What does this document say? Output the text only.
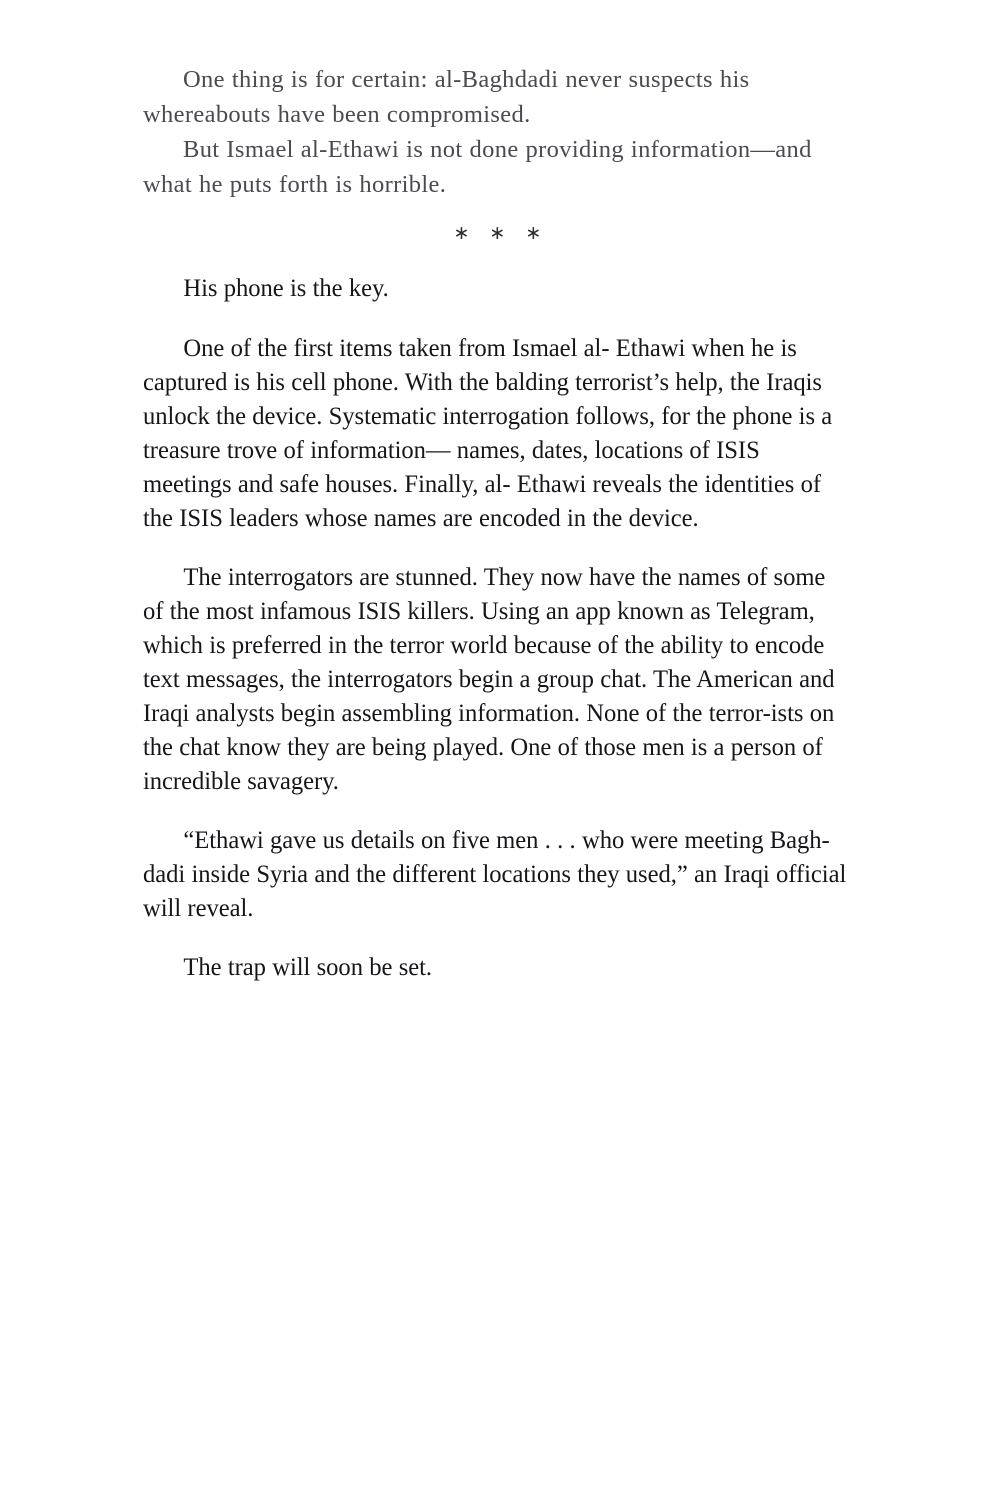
One thing is for certain: al-Baghdadi never suspects his whereabouts have been compromised.

But Ismael al-Ethawi is not done providing information—and what he puts forth is horrible.

∗ ∗ ∗

His phone is the key.

One of the first items taken from Ismael al- Ethawi when he is captured is his cell phone. With the balding terrorist’s help, the Iraqis unlock the device. Systematic interrogation follows, for the phone is a treasure trove of information— names, dates, locations of ISIS meetings and safe houses. Finally, al- Ethawi reveals the identities of the ISIS leaders whose names are encoded in the device.

The interrogators are stunned. They now have the names of some of the most infamous ISIS killers. Using an app known as Telegram, which is preferred in the terror world because of the ability to encode text messages, the interrogators begin a group chat. The American and Iraqi analysts begin assembling information. None of the terror-ists on the chat know they are being played. One of those men is a person of incredible savagery.

“Ethawi gave us details on five men . . . who were meeting Bagh-dadi inside Syria and the different locations they used,” an Iraqi official will reveal.

The trap will soon be set.
